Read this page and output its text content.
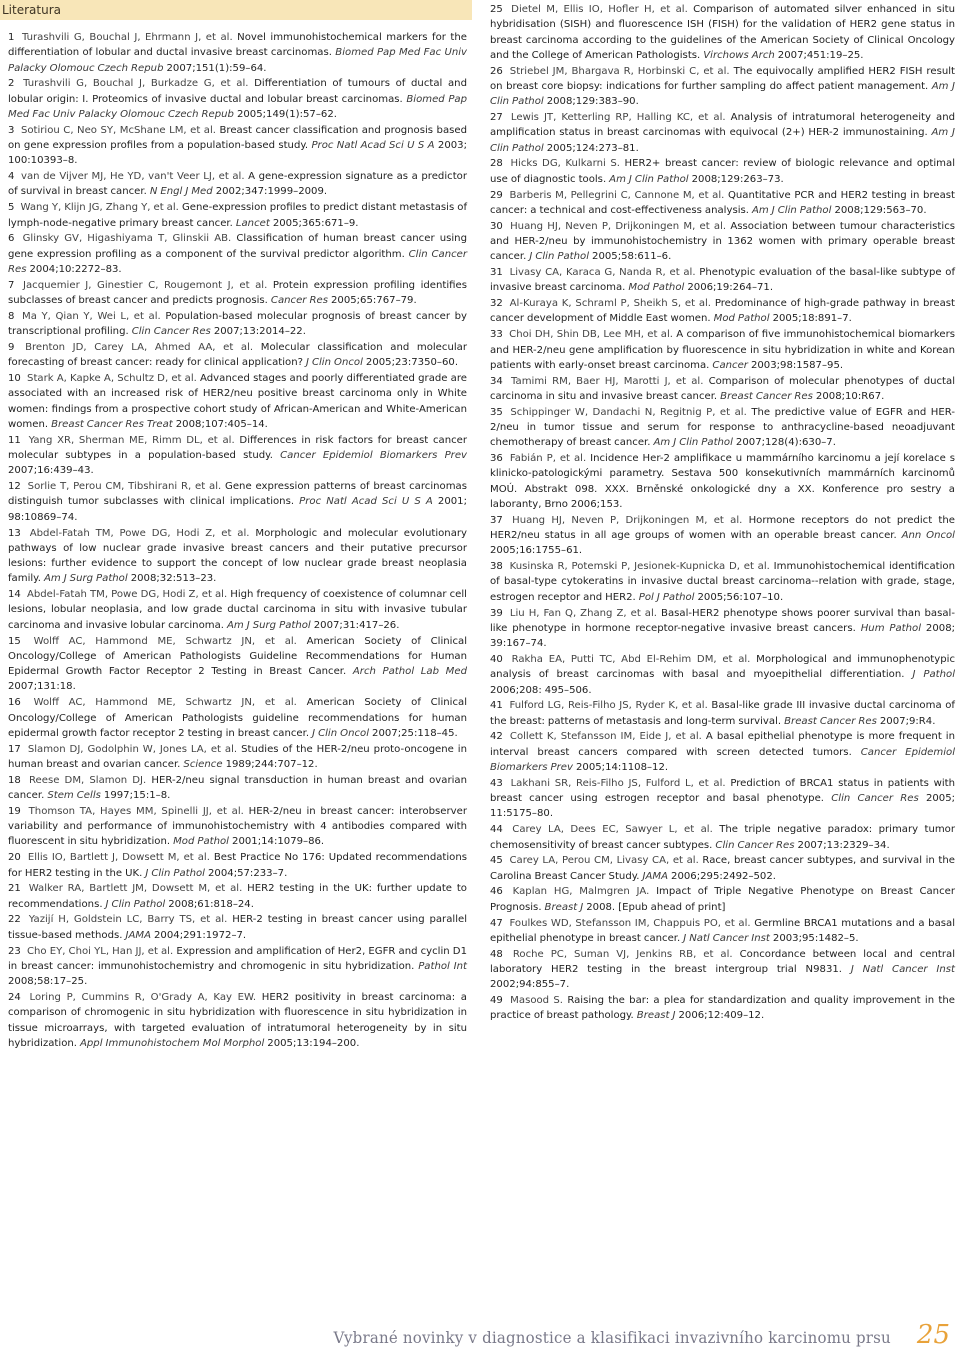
Literatura
1 Turashvili G, Bouchal J, Ehrmann J, et al. Novel immunohistochemical markers for the differentiation of lobular and ductal invasive breast carcinomas. Biomed Pap Med Fac Univ Palacky Olomouc Czech Repub 2007;151(1):59–64.
2 Turashvili G, Bouchal J, Burkadze G, et al. Differentiation of tumours of ductal and lobular origin: I. Proteomics of invasive ductal and lobular breast carcinomas. Biomed Pap Med Fac Univ Palacky Olomouc Czech Repub 2005;149(1):57–62.
3 Sotiriou C, Neo SY, McShane LM, et al. Breast cancer classification and prognosis based on gene expression profiles from a population-based study. Proc Natl Acad Sci U S A 2003; 100:10393–8.
4 van de Vijver MJ, He YD, van't Veer LJ, et al. A gene-expression signature as a predictor of survival in breast cancer. N Engl J Med 2002;347:1999–2009.
5 Wang Y, Klijn JG, Zhang Y, et al. Gene-expression profiles to predict distant metastasis of lymph-node-negative primary breast cancer. Lancet 2005;365:671–9.
6 Glinsky GV, Higashiyama T, Glinskii AB. Classification of human breast cancer using gene expression profiling as a component of the survival predictor algorithm. Clin Cancer Res 2004;10:2272–83.
7 Jacquemier J, Ginestier C, Rougemont J, et al. Protein expression profiling identifies subclasses of breast cancer and predicts prognosis. Cancer Res 2005;65:767–79.
8 Ma Y, Qian Y, Wei L, et al. Population-based molecular prognosis of breast cancer by transcriptional profiling. Clin Cancer Res 2007;13:2014–22.
9 Brenton JD, Carey LA, Ahmed AA, et al. Molecular classification and molecular forecasting of breast cancer: ready for clinical application? J Clin Oncol 2005;23:7350–60.
10 Stark A, Kapke A, Schultz D, et al. Advanced stages and poorly differentiated grade are associated with an increased risk of HER2/neu positive breast carcinoma only in White women: findings from a prospective cohort study of African-American and White-American women. Breast Cancer Res Treat 2008;107:405–14.
11 Yang XR, Sherman ME, Rimm DL, et al. Differences in risk factors for breast cancer molecular subtypes in a population-based study. Cancer Epidemiol Biomarkers Prev 2007;16:439–43.
12 Sorlie T, Perou CM, Tibshirani R, et al. Gene expression patterns of breast carcinomas distinguish tumor subclasses with clinical implications. Proc Natl Acad Sci U S A 2001; 98:10869–74.
13 Abdel-Fatah TM, Powe DG, Hodi Z, et al. Morphologic and molecular evolutionary pathways of low nuclear grade invasive breast cancers and their putative precursor lesions: further evidence to support the concept of low nuclear grade breast neoplasia family. Am J Surg Pathol 2008;32:513–23.
14 Abdel-Fatah TM, Powe DG, Hodi Z, et al. High frequency of coexistence of columnar cell lesions, lobular neoplasia, and low grade ductal carcinoma in situ with invasive tubular carcinoma and invasive lobular carcinoma. Am J Surg Pathol 2007;31:417–26.
15 Wolff AC, Hammond ME, Schwartz JN, et al. American Society of Clinical Oncology/College of American Pathologists Guideline Recommendations for Human Epidermal Growth Factor Receptor 2 Testing in Breast Cancer. Arch Pathol Lab Med 2007;131:18.
16 Wolff AC, Hammond ME, Schwartz JN, et al. American Society of Clinical Oncology/College of American Pathologists guideline recommendations for human epidermal growth factor receptor 2 testing in breast cancer. J Clin Oncol 2007;25:118–45.
17 Slamon DJ, Godolphin W, Jones LA, et al. Studies of the HER-2/neu proto-oncogene in human breast and ovarian cancer. Science 1989;244:707–12.
18 Reese DM, Slamon DJ. HER-2/neu signal transduction in human breast and ovarian cancer. Stem Cells 1997;15:1–8.
19 Thomson TA, Hayes MM, Spinelli JJ, et al. HER-2/neu in breast cancer: interobserver variability and performance of immunohistochemistry with 4 antibodies compared with fluorescent in situ hybridization. Mod Pathol 2001;14:1079–86.
20 Ellis IO, Bartlett J, Dowsett M, et al. Best Practice No 176: Updated recommendations for HER2 testing in the UK. J Clin Pathol 2004;57:233–7.
21 Walker RA, Bartlett JM, Dowsett M, et al. HER2 testing in the UK: further update to recommendations. J Clin Pathol 2008;61:818–24.
22 Yazijí H, Goldstein LC, Barry TS, et al. HER-2 testing in breast cancer using parallel tissue-based methods. JAMA 2004;291:1972–7.
23 Cho EY, Choi YL, Han JJ, et al. Expression and amplification of Her2, EGFR and cyclin D1 in breast cancer: immunohistochemistry and chromogenic in situ hybridization. Pathol Int 2008;58:17–25.
24 Loring P, Cummins R, O'Grady A, Kay EW. HER2 positivity in breast carcinoma: a comparison of chromogenic in situ hybridization with fluorescence in situ hybridization in tissue microarrays, with targeted evaluation of intratumoral heterogeneity by in situ hybridization. Appl Immunohistochem Mol Morphol 2005;13:194–200.
25 Dietel M, Ellis IO, Hofler H, et al. Comparison of automated silver enhanced in situ hybridisation (SISH) and fluorescence ISH (FISH) for the validation of HER2 gene status in breast carcinoma according to the guidelines of the American Society of Clinical Oncology and the College of American Pathologists. Virchows Arch 2007;451:19–25.
26 Striebel JM, Bhargava R, Horbinski C, et al. The equivocally amplified HER2 FISH result on breast core biopsy: indications for further sampling do affect patient management. Am J Clin Pathol 2008;129:383–90.
27 Lewis JT, Ketterling RP, Halling KC, et al. Analysis of intratumoral heterogeneity and amplification status in breast carcinomas with equivocal (2+) HER-2 immunostaining. Am J Clin Pathol 2005;124:273–81.
28 Hicks DG, Kulkarni S. HER2+ breast cancer: review of biologic relevance and optimal use of diagnostic tools. Am J Clin Pathol 2008;129:263–73.
29 Barberis M, Pellegrini C, Cannone M, et al. Quantitative PCR and HER2 testing in breast cancer: a technical and cost-effectiveness analysis. Am J Clin Pathol 2008;129:563–70.
30 Huang HJ, Neven P, Drijkoningen M, et al. Association between tumour characteristics and HER-2/neu by immunohistochemistry in 1362 women with primary operable breast cancer. J Clin Pathol 2005;58:611–6.
31 Livasy CA, Karaca G, Nanda R, et al. Phenotypic evaluation of the basal-like subtype of invasive breast carcinoma. Mod Pathol 2006;19:264–71.
32 Al-Kuraya K, Schraml P, Sheikh S, et al. Predominance of high-grade pathway in breast cancer development of Middle East women. Mod Pathol 2005;18:891–7.
33 Choi DH, Shin DB, Lee MH, et al. A comparison of five immunohistochemical biomarkers and HER-2/neu gene amplification by fluorescence in situ hybridization in white and Korean patients with early-onset breast carcinoma. Cancer 2003;98:1587–95.
34 Tamimi RM, Baer HJ, Marotti J, et al. Comparison of molecular phenotypes of ductal carcinoma in situ and invasive breast cancer. Breast Cancer Res 2008;10:R67.
35 Schippinger W, Dandachi N, Regitnig P, et al. The predictive value of EGFR and HER-2/neu in tumor tissue and serum for response to anthracycline-based neoadjuvant chemotherapy of breast cancer. Am J Clin Pathol 2007;128(4):630–7.
36 Fabián P, et al. Incidence Her-2 amplifikace u mammárního karcinomu a její korelace s klinicko-patologickými parametry. Sestava 500 konsekutivních mammárních karcinomů MOÚ. Abstrakt 098. XXX. Brněnské onkologické dny a XX. Konference pro sestry a laboranty, Brno 2006;153.
37 Huang HJ, Neven P, Drijkoningen M, et al. Hormone receptors do not predict the HER2/neu status in all age groups of women with an operable breast cancer. Ann Oncol 2005;16:1755–61.
38 Kusinska R, Potemski P, Jesionek-Kupnicka D, et al. Immunohistochemical identification of basal-type cytokeratins in invasive ductal breast carcinoma--relation with grade, stage, estrogen receptor and HER2. Pol J Pathol 2005;56:107–10.
39 Liu H, Fan Q, Zhang Z, et al. Basal-HER2 phenotype shows poorer survival than basal-like phenotype in hormone receptor-negative invasive breast cancers. Hum Pathol 2008; 39:167–74.
40 Rakha EA, Putti TC, Abd El-Rehim DM, et al. Morphological and immunophenotypic analysis of breast carcinomas with basal and myoepithelial differentiation. J Pathol 2006;208: 495–506.
41 Fulford LG, Reis-Filho JS, Ryder K, et al. Basal-like grade III invasive ductal carcinoma of the breast: patterns of metastasis and long-term survival. Breast Cancer Res 2007;9:R4.
42 Collett K, Stefansson IM, Eide J, et al. A basal epithelial phenotype is more frequent in interval breast cancers compared with screen detected tumors. Cancer Epidemiol Biomarkers Prev 2005;14:1108–12.
43 Lakhani SR, Reis-Filho JS, Fulford L, et al. Prediction of BRCA1 status in patients with breast cancer using estrogen receptor and basal phenotype. Clin Cancer Res 2005; 11:5175–80.
44 Carey LA, Dees EC, Sawyer L, et al. The triple negative paradox: primary tumor chemosensitivity of breast cancer subtypes. Clin Cancer Res 2007;13:2329–34.
45 Carey LA, Perou CM, Livasy CA, et al. Race, breast cancer subtypes, and survival in the Carolina Breast Cancer Study. JAMA 2006;295:2492–502.
46 Kaplan HG, Malmgren JA. Impact of Triple Negative Phenotype on Breast Cancer Prognosis. Breast J 2008. [Epub ahead of print]
47 Foulkes WD, Stefansson IM, Chappuis PO, et al. Germline BRCA1 mutations and a basal epithelial phenotype in breast cancer. J Natl Cancer Inst 2003;95:1482–5.
48 Roche PC, Suman VJ, Jenkins RB, et al. Concordance between local and central laboratory HER2 testing in the breast intergroup trial N9831. J Natl Cancer Inst 2002;94:855–7.
49 Masood S. Raising the bar: a plea for standardization and quality improvement in the practice of breast pathology. Breast J 2006;12:409–12.
Vybrané novinky v diagnostice a klasifikaci invazivního karcinomu prsu 25
